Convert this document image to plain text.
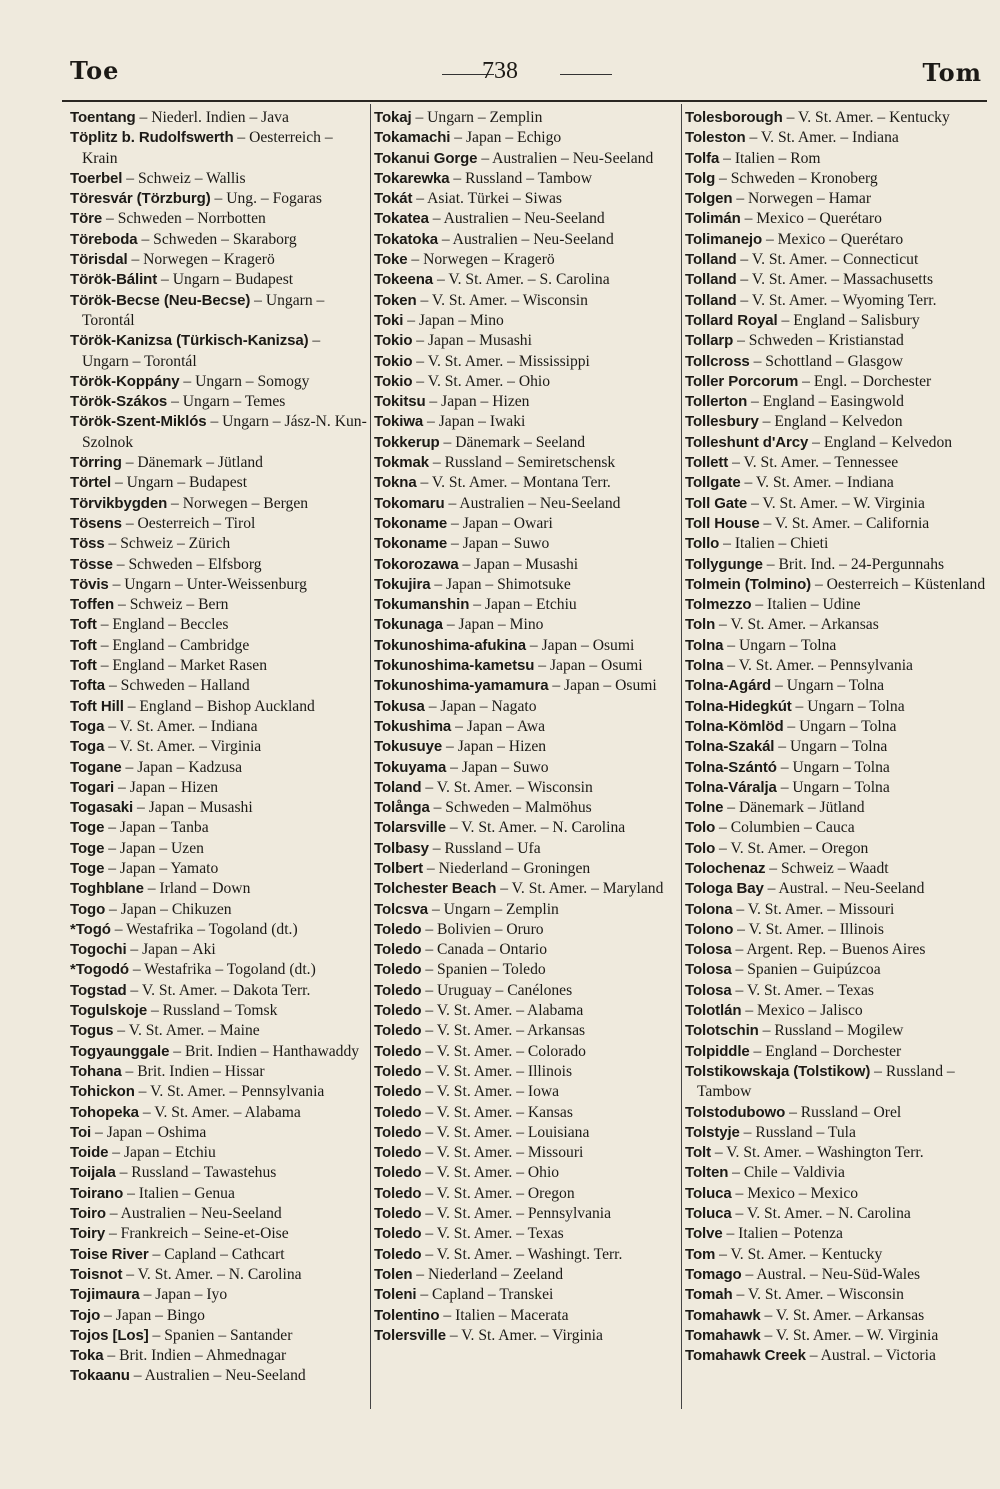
Toe	738	Tom
Toentang – Niederl. Indien – Java
Töplitz b. Rudolfswerth – Oesterreich – Krain
Toerbel – Schweiz – Wallis
Töresvár (Törzburg) – Ung. – Fogaras
Töre – Schweden – Norrbotten
Töreboda – Schweden – Skaraborg
Törisdal – Norwegen – Kragerö
Török-Bálint – Ungarn – Budapest
Török-Becse (Neu-Becse) – Ungarn – Torontál
Török-Kanizsa (Türkisch-Kanizsa) – Ungarn – Torontál
Török-Koppány – Ungarn – Somogy
Török-Szákos – Ungarn – Temes
Török-Szent-Miklós – Ungarn – Jász-N. Kun-Szolnok
Törring – Dänemark – Jütland
Törtel – Ungarn – Budapest
Törvikbygden – Norwegen – Bergen
Tösens – Oesterreich – Tirol
Töss – Schweiz – Zürich
Tösse – Schweden – Elfsborg
Tövis – Ungarn – Unter-Weissenburg
Toffen – Schweiz – Bern
Toft – England – Beccles
Toft – England – Cambridge
Toft – England – Market Rasen
Tofta – Schweden – Halland
Toft Hill – England – Bishop Auckland
Toga – V. St. Amer. – Indiana
Toga – V. St. Amer. – Virginia
Togane – Japan – Kadzusa
Togari – Japan – Hizen
Togasaki – Japan – Musashi
Toge – Japan – Tanba
Toge – Japan – Uzen
Toge – Japan – Yamato
Toghblane – Irland – Down
Togo – Japan – Chikuzen
*Togó – Westafrika – Togoland (dt.)
Togochi – Japan – Aki
*Togodó – Westafrika – Togoland (dt.)
Togstad – V. St. Amer. – Dakota Terr.
Togulskoje – Russland – Tomsk
Togus – V. St. Amer. – Maine
Togyaunggale – Brit. Indien – Hanthawaddy
Tohana – Brit. Indien – Hissar
Tohickon – V. St. Amer. – Pennsylvania
Tohopeka – V. St. Amer. – Alabama
Toi – Japan – Oshima
Toide – Japan – Etchiu
Toijala – Russland – Tawastehus
Toirano – Italien – Genua
Toiro – Australien – Neu-Seeland
Toiry – Frankreich – Seine-et-Oise
Toise River – Capland – Cathcart
Toisnot – V. St. Amer. – N. Carolina
Tojimaura – Japan – Iyo
Tojo – Japan – Bingo
Tojos [Los] – Spanien – Santander
Toka – Brit. Indien – Ahmednagar
Tokaanu – Australien – Neu-Seeland
Tokaj – Ungarn – Zemplin
Tokamachi – Japan – Echigo
Tokanui Gorge – Australien – Neu-Seeland
Tokarewka – Russland – Tambow
Tokát – Asiat. Türkei – Siwas
Tokatea – Australien – Neu-Seeland
Tokatoka – Australien – Neu-Seeland
Toke – Norwegen – Kragerö
Tokeena – V. St. Amer. – S. Carolina
Token – V. St. Amer. – Wisconsin
Toki – Japan – Mino
Tokio – Japan – Musashi
Tokio – V. St. Amer. – Mississippi
Tokio – V. St. Amer. – Ohio
Tokitsu – Japan – Hizen
Tokiwa – Japan – Iwaki
Tokkerup – Dänemark – Seeland
Tokmak – Russland – Semiretschensk
Tokna – V. St. Amer. – Montana Terr.
Tokomaru – Australien – Neu-Seeland
Tokoname – Japan – Owari
Tokoname – Japan – Suwo
Tokorozawa – Japan – Musashi
Tokujira – Japan – Shimotsuke
Tokumanshin – Japan – Etchiu
Tokunaga – Japan – Mino
Tokunoshima-afukina – Japan – Osumi
Tokunoshima-kametsu – Japan – Osumi
Tokunoshima-yamamura – Japan – Osumi
Tokusa – Japan – Nagato
Tokushima – Japan – Awa
Tokusuye – Japan – Hizen
Tokuyama – Japan – Suwo
Toland – V. St. Amer. – Wisconsin
Tolånga – Schweden – Malmöhus
Tolarsville – V. St. Amer. – N. Carolina
Tolbasy – Russland – Ufa
Tolbert – Niederland – Groningen
Tolchester Beach – V. St. Amer. – Maryland
Tolcsva – Ungarn – Zemplin
Toledo – Bolivien – Oruro
Toledo – Canada – Ontario
Toledo – Spanien – Toledo
Toledo – Uruguay – Canélones
Toledo – V. St. Amer. – Alabama
Toledo – V. St. Amer. – Arkansas
Toledo – V. St. Amer. – Colorado
Toledo – V. St. Amer. – Illinois
Toledo – V. St. Amer. – Iowa
Toledo – V. St. Amer. – Kansas
Toledo – V. St. Amer. – Louisiana
Toledo – V. St. Amer. – Missouri
Toledo – V. St. Amer. – Ohio
Toledo – V. St. Amer. – Oregon
Toledo – V. St. Amer. – Pennsylvania
Toledo – V. St. Amer. – Texas
Toledo – V. St. Amer. – Washingt. Terr.
Tolen – Niederland – Zeeland
Toleni – Capland – Transkei
Tolentino – Italien – Macerata
Tolersville – V. St. Amer. – Virginia
Tolesborough – V. St. Amer. – Kentucky
Toleston – V. St. Amer. – Indiana
Tolfa – Italien – Rom
Tolg – Schweden – Kronoberg
Tolgen – Norwegen – Hamar
Tolimán – Mexico – Querétaro
Tolimanejo – Mexico – Querétaro
Tolland – V. St. Amer. – Connecticut
Tolland – V. St. Amer. – Massachusetts
Tolland – V. St. Amer. – Wyoming Terr.
Tollard Royal – England – Salisbury
Tollarp – Schweden – Kristianstad
Tollcross – Schottland – Glasgow
Toller Porcorum – Engl. – Dorchester
Tollerton – England – Easingwold
Tollesbury – England – Kelvedon
Tolleshunt d'Arcy – England – Kelvedon
Tollett – V. St. Amer. – Tennessee
Tollgate – V. St. Amer. – Indiana
Toll Gate – V. St. Amer. – W. Virginia
Toll House – V. St. Amer. – California
Tollo – Italien – Chieti
Tollygunge – Brit. Ind. – 24-Pergunnahs
Tolmein (Tolmino) – Oesterreich – Küstenland
Tolmezzo – Italien – Udine
Toln – V. St. Amer. – Arkansas
Tolna – Ungarn – Tolna
Tolna – V. St. Amer. – Pennsylvania
Tolna-Agárd – Ungarn – Tolna
Tolna-Hidegkút – Ungarn – Tolna
Tolna-Kömlöd – Ungarn – Tolna
Tolna-Szakál – Ungarn – Tolna
Tolna-Szántó – Ungarn – Tolna
Tolna-Váralja – Ungarn – Tolna
Tolne – Dänemark – Jütland
Tolo – Columbien – Cauca
Tolo – V. St. Amer. – Oregon
Tolochenaz – Schweiz – Waadt
Tologa Bay – Austral. – Neu-Seeland
Tolona – V. St. Amer. – Missouri
Tolono – V. St. Amer. – Illinois
Tolosa – Argent. Rep. – Buenos Aires
Tolosa – Spanien – Guipúzcoa
Tolosa – V. St. Amer. – Texas
Tolotlán – Mexico – Jalisco
Tolotschin – Russland – Mogilew
Tolpiddle – England – Dorchester
Tolstikowskaja (Tolstikow) – Russland – Tambow
Tolstodubowo – Russland – Orel
Tolstyje – Russland – Tula
Tolt – V. St. Amer. – Washington Terr.
Tolten – Chile – Valdivia
Toluca – Mexico – Mexico
Toluca – V. St. Amer. – N. Carolina
Tolve – Italien – Potenza
Tom – V. St. Amer. – Kentucky
Tomago – Austral. – Neu-Süd-Wales
Tomah – V. St. Amer. – Wisconsin
Tomahawk – V. St. Amer. – Arkansas
Tomahawk – V. St. Amer. – W. Virginia
Tomahawk Creek – Austral. – Victoria
